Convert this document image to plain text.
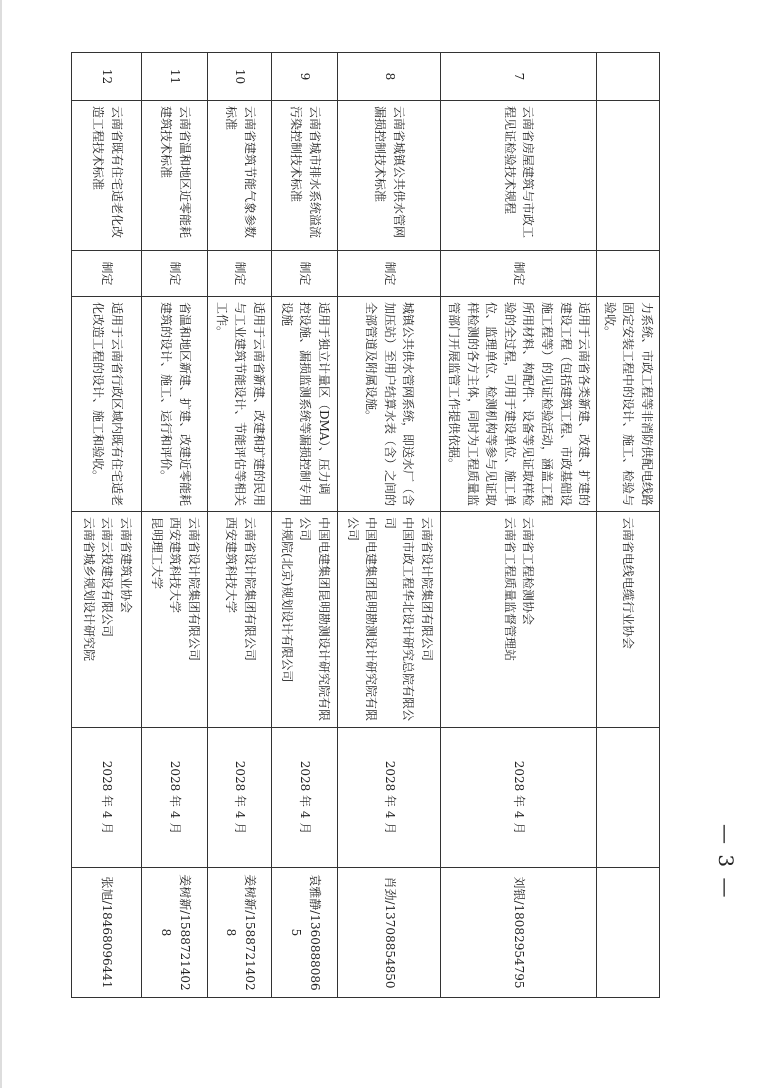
			力系统、市政工程等非消防供配电线路固定安装工程中的设计、施工、检验与验收。	云南省电线电缆行业协会		

7	云南省房屋建筑与市政工程见证检验技术规程	制定	适用于云南省各类新建、改建、扩建的建设工程（包括建筑工程、市政基础设施工程等）的见证检验活动，涵盖工程所用材料、构配件、设备等见证取样检验的全过程，可用于建设单位、施工单位、监理单位、检测机构等参与见证取样检测的各方主体，同时为工程质量监管部门开展监管工作提供依据。	云南省工程检测协会
云南省工程质量监督管理站	2028 年 4 月	刘银/18082954795
8	云南省城镇公共供水管网漏损控制技术标准	制定	城镇公共供水管网系统，即送水厂（含加压站）至用户结算水表（含）之间的全部管道及附属设施。	云南省设计院集团有限公司
中国市政工程华北设计研究总院有限公司
中国电建集团昆明勘测设计研究院有限公司	2028 年 4 月	肖劲/13708854850
9	云南省城市排水系统溢流污染控制技术标准	制定	适用于独立计量区（DMA）、压力调控设施、漏损监测系统等漏损控制专用设施	中国电建集团昆明勘测设计研究院有限公司
中规院(北京)规划设计有限公司	2028 年 4 月	袁雅静/13608880865
10	云南省建筑节能气象参数标准	制定	适用于云南省新建、改建和扩建的民用与工业建筑节能设计、节能评估等相关工作。	云南省设计院集团有限公司
西安建筑科技大学	2028 年 4 月	姜树新/15887214028
11	云南省温和地区近零能耗建筑技术标准	制定	省温和地区新建、扩建、改建近零能耗建筑的设计、施工、运行和评价。	云南省设计院集团有限公司
西安建筑科技大学
昆明理工大学	2028 年 4 月	姜树新/15887214028
12	云南省既有住宅适老化改造工程技术标准	制定	适用于云南省行政区域内既有住宅适老化改造工程的设计、施工和验收。	云南省建筑业协会
云南云投建设有限公司
云南省城乡规划设计研究院	2028 年 4 月	张旭/18468096441
— 3 —
